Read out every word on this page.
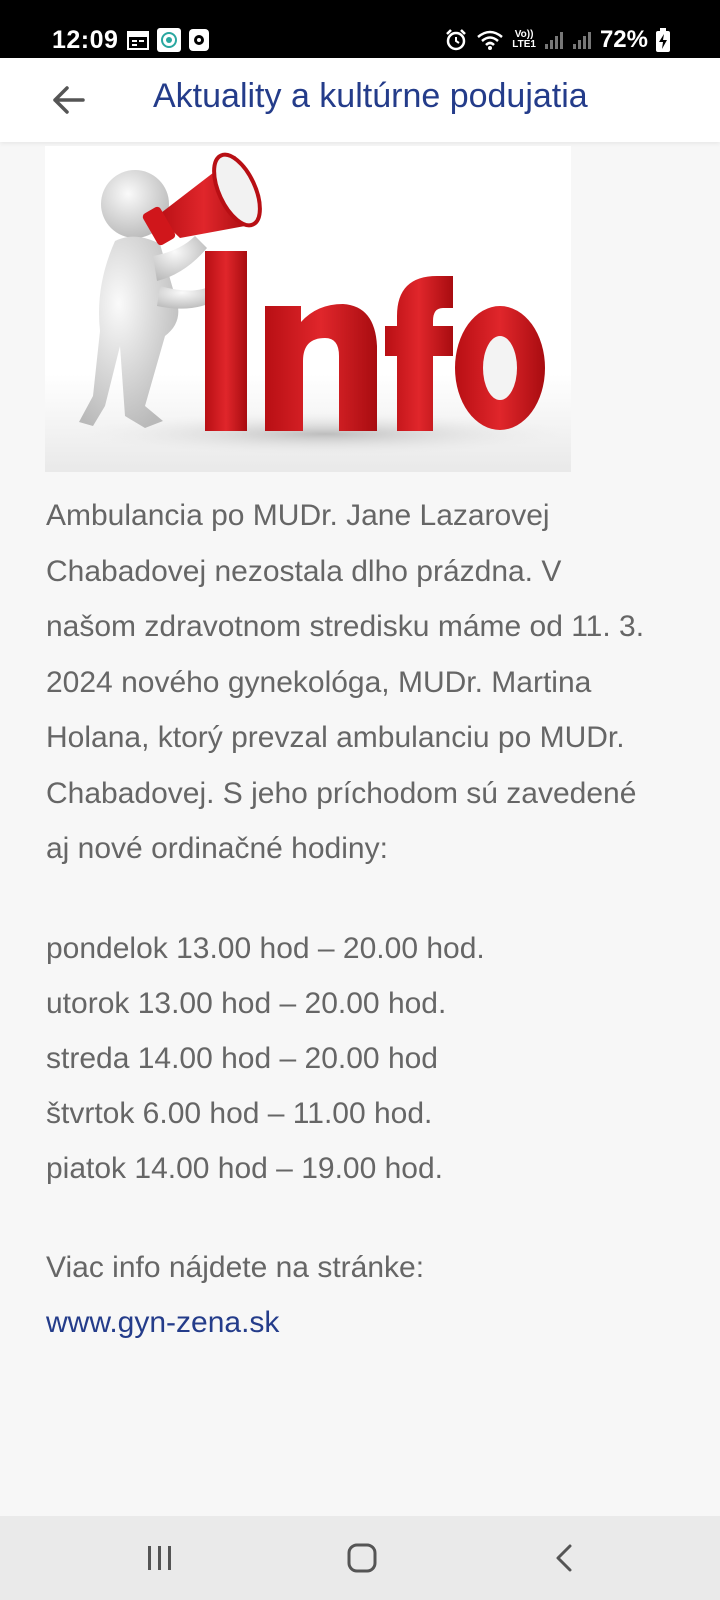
12:09	Vo))
LTE1	72%
Aktuality a kultúrne podujatia

Ambulancia po MUDr. Jane Lazarovej Chabadovej nezostala dlho prázdna. V našom zdravotnom stredisku máme od 11. 3. 2024 nového gynekológa, MUDr. Martina Holana, ktorý prevzal ambulanciu po MUDr. Chabadovej. S jeho príchodom sú zavedené aj nové ordinačné hodiny:

pondelok 13.00 hod – 20.00 hod.
utorok 13.00 hod – 20.00 hod.
streda 14.00 hod – 20.00 hod
štvrtok 6.00 hod – 11.00 hod.
piatok 14.00 hod – 19.00 hod.
Viac info nájdete na stránke:
www.gyn-zena.sk
